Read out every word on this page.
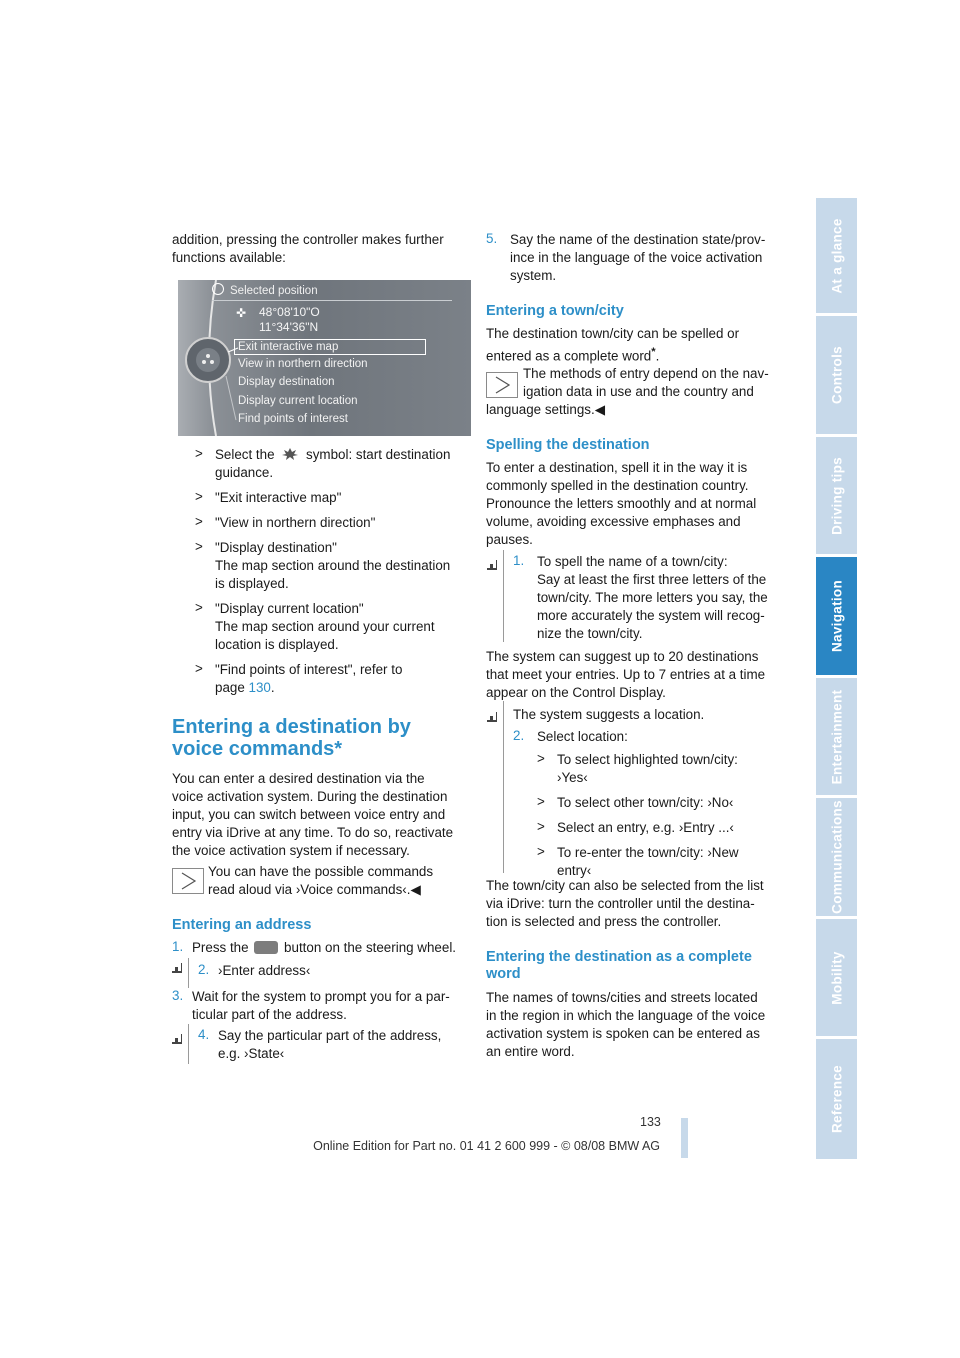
At a glance
Controls
Driving tips
Navigation
Entertainment
Communications
Mobility
Reference

addition, pressing the controller makes further functions available:

Selected position
✜ 48°08'10"O
11°34'36"N
Exit interactive map
View in northern direction
Display destination
Display current location
Find points of interest
> Select the symbol: start destination

guidance.

> "Exit interactive map"

> "View in northern direction"

> "Display destination"

The map section around the destination

is displayed.

> "Display current location"

The map section around your current

location is displayed.

> "Find points of interest", refer to

page 130.

Entering a destination by
voice commands*

You can enter a desired destination via the

voice activation system. During the destination

input, you can switch between voice entry and

entry via iDrive at any time. To do so, reactivate

the voice activation system if necessary.

You can have the possible commands

read aloud via ›Voice commands‹.◀

Entering an address
1. Press the	button on the steering wheel.

2. ›Enter address‹

3. Wait for the system to prompt you for a par-

ticular part of the address.

4. Say the particular part of the address,

e.g. ›State‹

5. Say the name of the destination state/prov-

ince in the language of the voice activation

system.

Entering a town/city

The destination town/city can be spelled or

entered as a complete word*.

The methods of entry depend on the nav-

igation data in use and the country and

language settings.◀

Spelling the destination

To enter a destination, spell it in the way it is

commonly spelled in the destination country.

Pronounce the letters smoothly and at normal

volume, avoiding excessive emphases and

pauses.

1. To spell the name of a town/city:

Say at least the first three letters of the

town/city. The more letters you say, the

more accurately the system will recog-

nize the town/city.

The system can suggest up to 20 destinations

that meet your entries. Up to 7 entries at a time

appear on the Control Display.

The system suggests a location.

2. Select location:

> To select highlighted town/city:

›Yes‹

> To select other town/city: ›No‹

> Select an entry, e.g. ›Entry ...‹

> To re-enter the town/city: ›New

entry‹

The town/city can also be selected from the list

via iDrive: turn the controller until the destina-

tion is selected and press the controller.

Entering the destination as a complete
word

The names of towns/cities and streets located

in the region in which the language of the voice

activation system is spoken can be entered as

an entire word.

133
Online Edition for Part no. 01 41 2 600 999 - © 08/08 BMW AG
